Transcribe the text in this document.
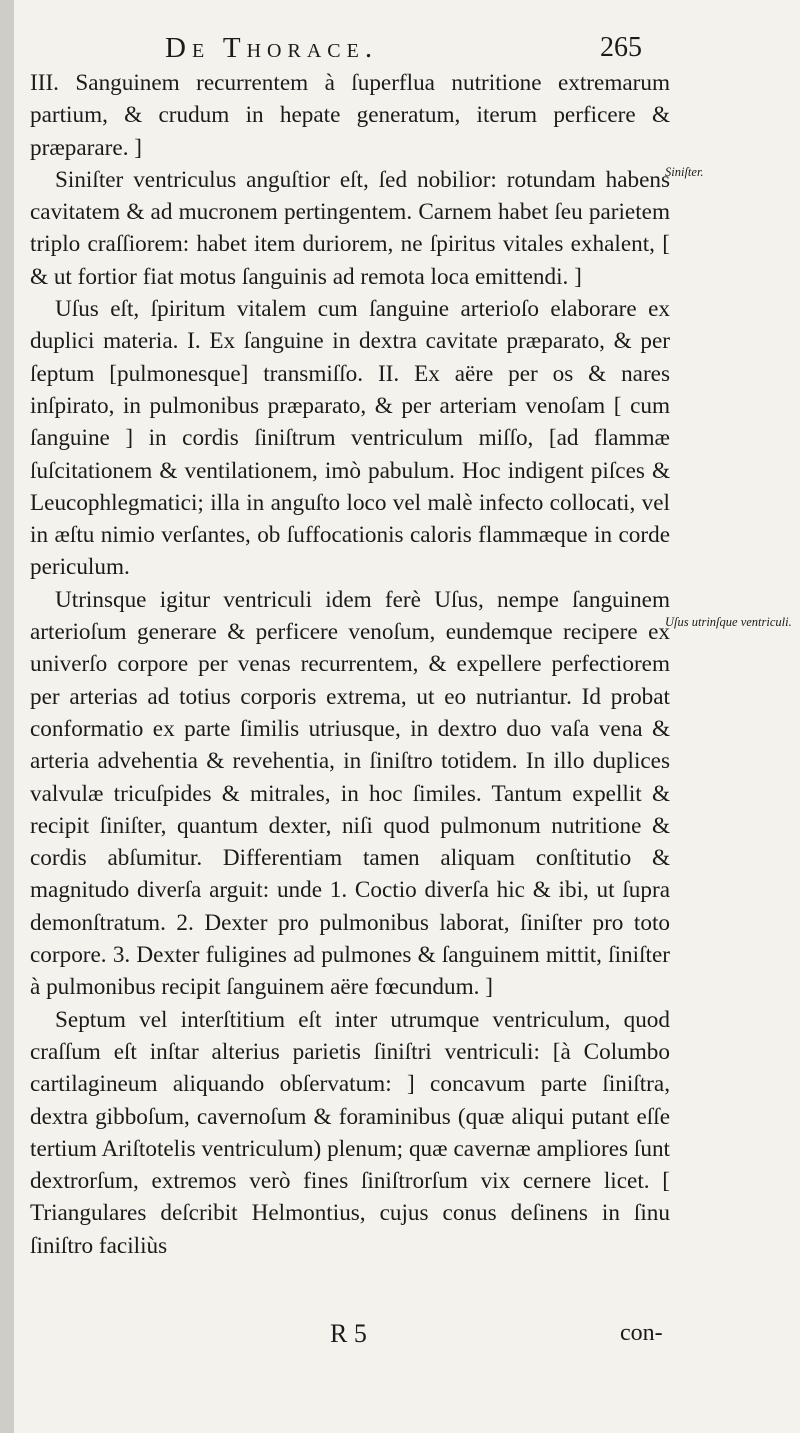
De Thorace.	265

III. Sanguinem recurrentem à ſuperflua nutritione extremarum partium, & crudum in hepate generatum, iterum perficere & præparare. ]

Siniſter ventriculus anguſtior eſt, ſed nobilior: rotundam habens cavitatem & ad mucronem pertingentem. Carnem habet ſeu parietem triplo craſſiorem: habet item duriorem, ne ſpiritus vitales exhalent, [ & ut fortior fiat motus ſanguinis ad remota loca emittendi. ]

Uſus eſt, ſpiritum vitalem cum ſanguine arterioſo elaborare ex duplici materia. I. Ex ſanguine in dextra cavitate præparato, & per ſeptum [pulmonesque] transmiſſo. II. Ex aëre per os & nares inſpirato, in pulmonibus præparato, & per arteriam venoſam [ cum ſanguine ] in cordis ſiniſtrum ventriculum miſſo, [ad flammæ ſuſcitationem & ventilationem, imò pabulum. Hoc indigent piſces & Leucophlegmatici; illa in anguſto loco vel malè infecto collocati, vel in æſtu nimio verſantes, ob ſuffocationis caloris flammæque in corde periculum.

Utrinsque igitur ventriculi idem ferè Uſus, nempe ſanguinem arterioſum generare & perficere venoſum, eundemque recipere ex univerſo corpore per venas recurrentem, & expellere perfectiorem per arterias ad totius corporis extrema, ut eo nutriantur. Id probat conformatio ex parte ſimilis utriusque, in dextro duo vaſa vena & arteria advehentia & revehentia, in ſiniſtro totidem. In illo duplices valvulæ tricuſpides & mitrales, in hoc ſimiles. Tantum expellit & recipit ſiniſter, quantum dexter, niſi quod pulmonum nutritione & cordis abſumitur. Differentiam tamen aliquam conſtitutio & magnitudo diverſa arguit: unde 1. Coctio diverſa hic & ibi, ut ſupra demonſtratum. 2. Dexter pro pulmonibus laborat, ſiniſter pro toto corpore. 3. Dexter fuligines ad pulmones & ſanguinem mittit, ſiniſter à pulmonibus recipit ſanguinem aëre fœcundum. ]

Septum vel interſtitium eſt inter utrumque ventriculum, quod craſſum eſt inſtar alterius parietis ſiniſtri ventriculi: [à Columbo cartilagineum aliquando obſervatum: ] concavum parte ſiniſtra, dextra gibboſum, cavernoſum & foraminibus (quæ aliqui putant eſſe tertium Ariſtotelis ventriculum) plenum; quæ cavernæ ampliores ſunt dextrorſum, extremos verò fines ſiniſtrorſum vix cernere licet. [ Triangulares deſcribit Helmontius, cujus conus deſinens in ſinu ſiniſtro faciliùs

Siniſter.
Uſus utrinſque ventriculi.
R 5	con-
